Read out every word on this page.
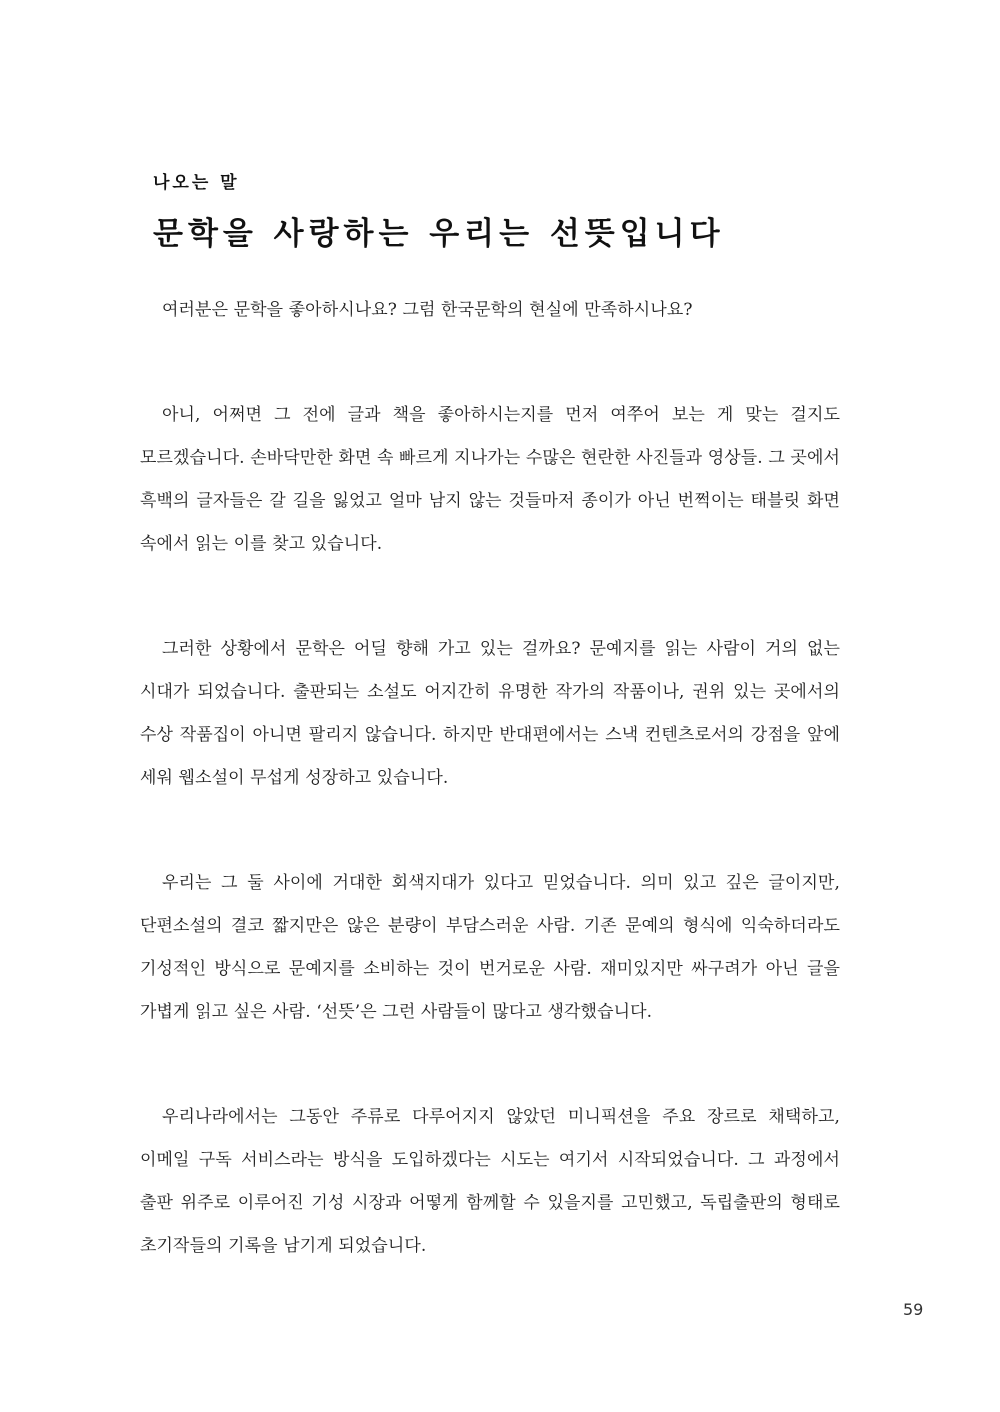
나오는 말
문학을 사랑하는 우리는 선뜻입니다

여러분은 문학을 좋아하시나요? 그럼 한국문학의 현실에 만족하시나요?

아니, 어쩌면 그 전에 글과 책을 좋아하시는지를 먼저 여쭈어 보는 게 맞는 걸지도 모르겠습니다. 손바닥만한 화면 속 빠르게 지나가는 수많은 현란한 사진들과 영상들. 그 곳에서 흑백의 글자들은 갈 길을 잃었고 얼마 남지 않는 것들마저 종이가 아닌 번쩍이는 태블릿 화면 속에서 읽는 이를 찾고 있습니다.

그러한 상황에서 문학은 어딜 향해 가고 있는 걸까요? 문예지를 읽는 사람이 거의 없는 시대가 되었습니다. 출판되는 소설도 어지간히 유명한 작가의 작품이나, 권위 있는 곳에서의 수상 작품집이 아니면 팔리지 않습니다. 하지만 반대편에서는 스낵 컨텐츠로서의 강점을 앞에 세워 웹소설이 무섭게 성장하고 있습니다.

우리는 그 둘 사이에 거대한 회색지대가 있다고 믿었습니다. 의미 있고 깊은 글이지만, 단편소설의 결코 짧지만은 않은 분량이 부담스러운 사람. 기존 문예의 형식에 익숙하더라도 기성적인 방식으로 문예지를 소비하는 것이 번거로운 사람. 재미있지만 싸구려가 아닌 글을 가볍게 읽고 싶은 사람. ‘선뜻’은 그런 사람들이 많다고 생각했습니다.

우리나라에서는 그동안 주류로 다루어지지 않았던 미니픽션을 주요 장르로 채택하고, 이메일 구독 서비스라는 방식을 도입하겠다는 시도는 여기서 시작되었습니다. 그 과정에서 출판 위주로 이루어진 기성 시장과 어떻게 함께할 수 있을지를 고민했고, 독립출판의 형태로 초기작들의 기록을 남기게 되었습니다.

59
